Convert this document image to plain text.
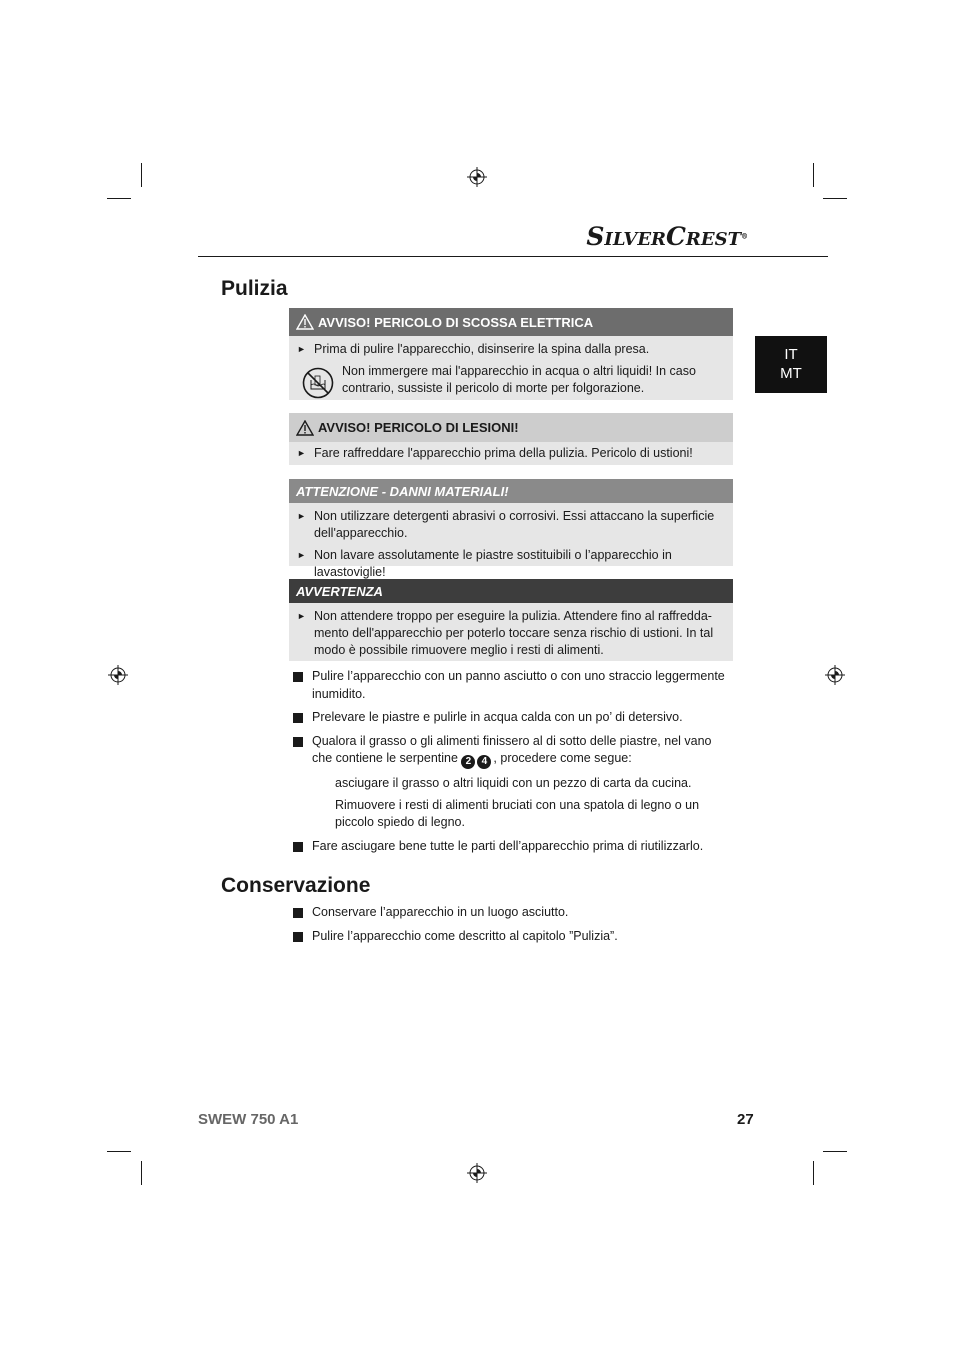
SILVERCREST®
IT
MT
Pulizia
AVVISO! PERICOLO DI SCOSSA ELETTRICA
► Prima di pulire l'apparecchio, disinserire la spina dalla presa.
Non immergere mai l'apparecchio in acqua o altri liquidi! In caso contrario, sussiste il pericolo di morte per folgorazione.
AVVISO! PERICOLO DI LESIONI!
► Fare raffreddare l'apparecchio prima della pulizia. Pericolo di ustioni!
ATTENZIONE - DANNI MATERIALI!
► Non utilizzare detergenti abrasivi o corrosivi. Essi attaccano la superficie dell'apparecchio.
► Non lavare assolutamente le piastre sostituibili o l’apparecchio in lavastoviglie!
AVVERTENZA
► Non attendere troppo per eseguire la pulizia. Attendere fino al raffredda-mento dell'apparecchio per poterlo toccare senza rischio di ustioni. In tal modo è possibile rimuovere meglio i resti di alimenti.
Pulire l’apparecchio con un panno asciutto o con uno straccio leggermente inumidito.
Prelevare le piastre e pulirle in acqua calda con un po’ di detersivo.
Qualora il grasso o gli alimenti finissero al di sotto delle piastre, nel vano che contiene le serpentine 2 4 , procedere come segue:
asciugare il grasso o altri liquidi con un pezzo di carta da cucina.
Rimuovere i resti di alimenti bruciati con una spatola di legno o un piccolo spiedo di legno.
Fare asciugare bene tutte le parti dell’apparecchio prima di riutilizzarlo.
Conservazione
Conservare l’apparecchio in un luogo asciutto.
Pulire l’apparecchio come descritto al capitolo ”Pulizia”.
SWEW 750 A1	27
